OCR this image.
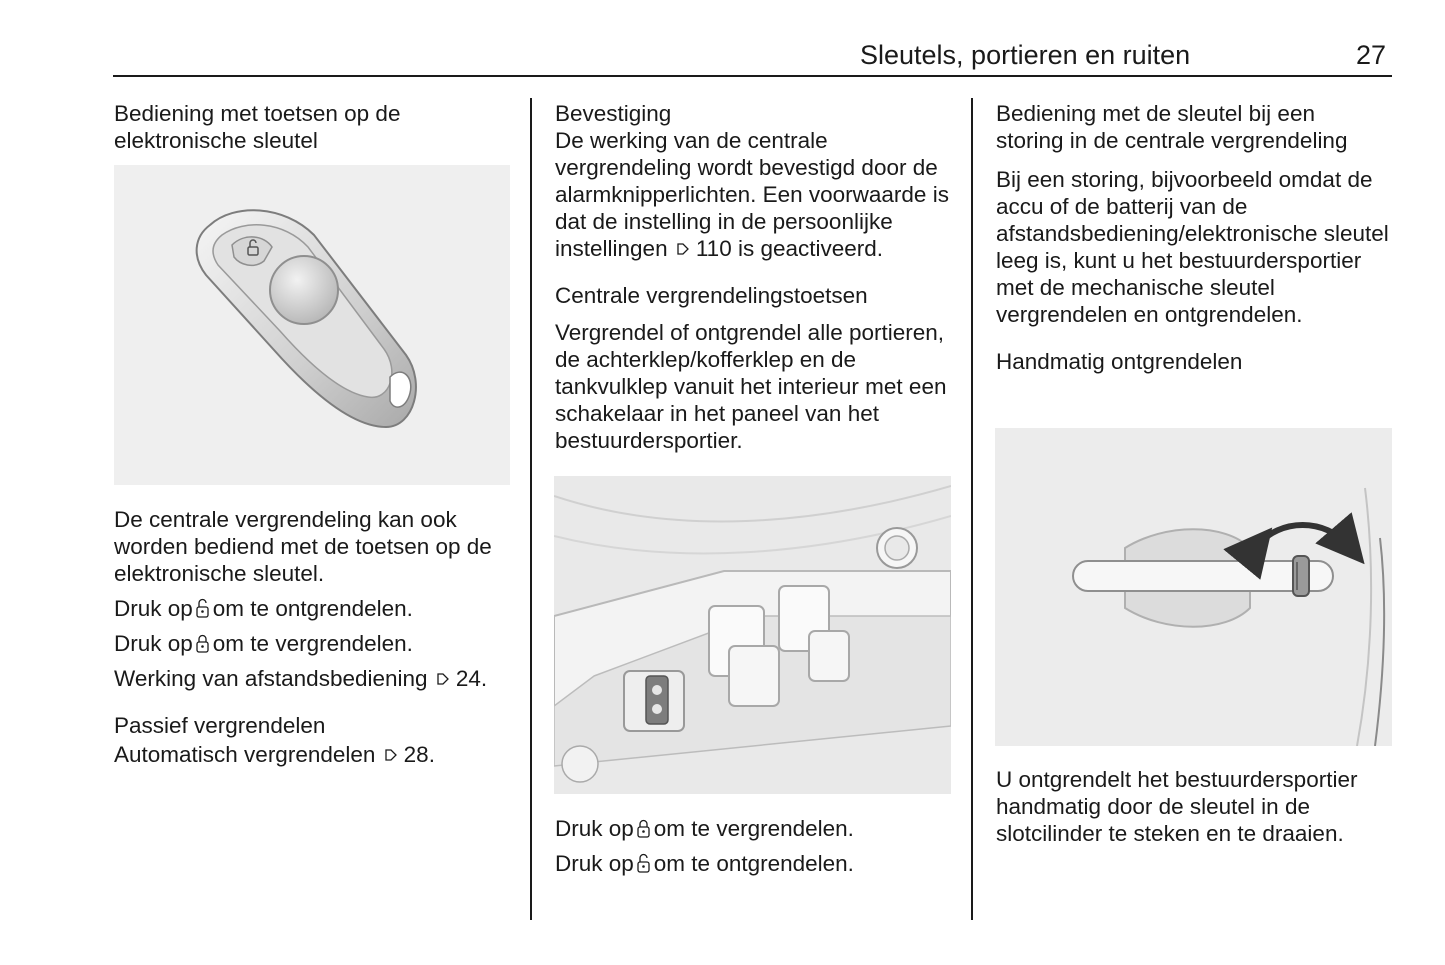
Sleutels, portieren en ruiten	27

Bediening met toetsen op de elektronische sleutel

De centrale vergrendeling kan ook worden bediend met de toetsen op de elektronische sleutel.

Druk op om te ontgrendelen.

Druk op om te vergrendelen.

Werking van afstandsbediening 24.

Passief vergrendelen

Automatisch vergrendelen 28.

Bevestiging

De werking van de centrale vergrendeling wordt bevestigd door de alarmknipperlichten. Een voorwaarde is dat de instelling in de persoonlijke instellingen 110 is geactiveerd.

Centrale vergrendelingstoetsen

Vergrendel of ontgrendel alle portieren, de achterklep/kofferklep en de tankvulklep vanuit het interieur met een schakelaar in het paneel van het bestuurdersportier.

Druk op om te vergrendelen.

Druk op om te ontgrendelen.

Bediening met de sleutel bij een storing in de centrale vergrendeling

Bij een storing, bijvoorbeeld omdat de accu of de batterij van de afstandsbediening/elektronische sleutel leeg is, kunt u het bestuurdersportier met de mechanische sleutel vergrendelen en ontgrendelen.

Handmatig ontgrendelen

U ontgrendelt het bestuurdersportier handmatig door de sleutel in de slotcilinder te steken en te draaien.
